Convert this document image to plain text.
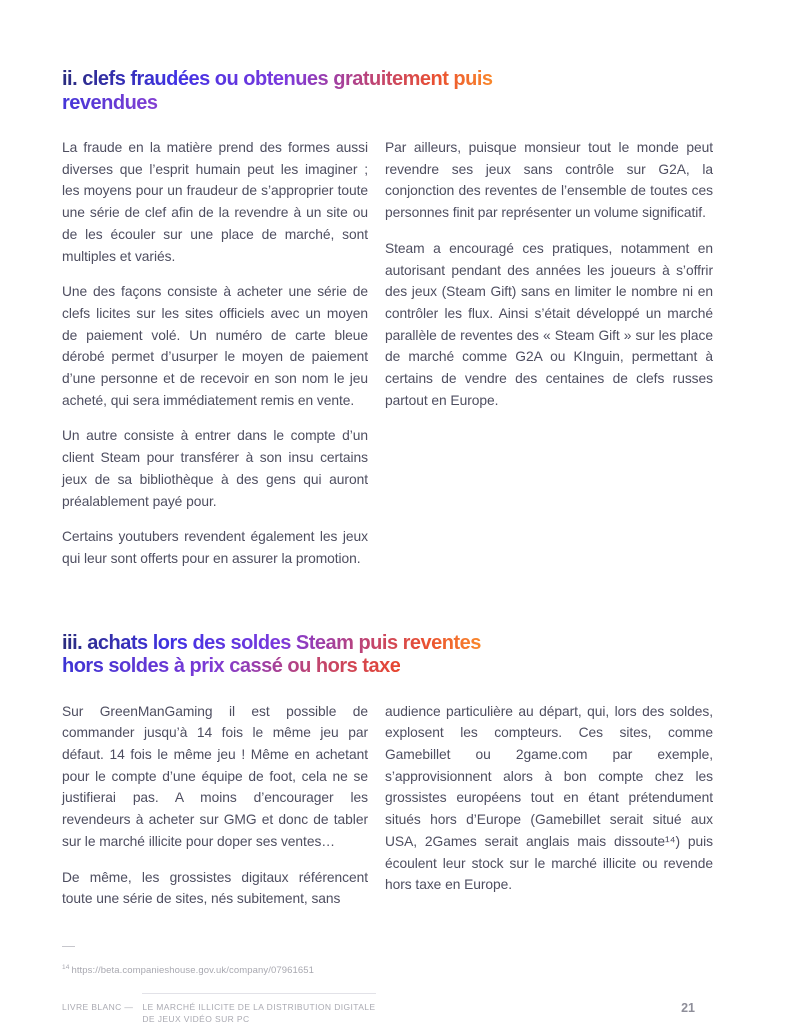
ii. clefs fraudées ou obtenues gratuitement puis
revendues

La fraude en la matière prend des formes aussi diverses que l’esprit humain peut les imaginer ; les moyens pour un fraudeur de s’approprier toute une série de clef afin de la revendre à un site ou de les écouler sur une place de marché, sont multiples et variés.

Une des façons consiste à acheter une série de clefs licites sur les sites officiels avec un moyen de paiement volé. Un numéro de carte bleue dérobé permet d’usurper le moyen de paiement d’une personne et de recevoir en son nom le jeu acheté, qui sera immédiatement remis en vente.

Un autre consiste à entrer dans le compte d’un client Steam pour transférer à son insu certains jeux de sa bibliothèque à des gens qui auront préalablement payé pour.

Certains youtubers revendent également les jeux qui leur sont offerts pour en assurer la promotion.

Par ailleurs, puisque monsieur tout le monde peut revendre ses jeux sans contrôle sur G2A, la conjonction des reventes de l’ensemble de toutes ces personnes finit par représenter un volume significatif.

Steam a encouragé ces pratiques, notamment en autorisant pendant des années les joueurs à s’offrir des jeux (Steam Gift) sans en limiter le nombre ni en contrôler les flux. Ainsi s’était développé un marché parallèle de reventes des « Steam Gift » sur les place de marché comme G2A ou KInguin, permettant à certains de vendre des centaines de clefs russes partout en Europe.

iii. achats lors des soldes Steam puis reventes
hors soldes à prix cassé ou hors taxe

Sur GreenManGaming il est possible de commander jusqu’à 14 fois le même jeu par défaut. 14 fois le même jeu ! Même en achetant pour le compte d’une équipe de foot, cela ne se justifierai pas. A moins d’encourager les revendeurs à acheter sur GMG et donc de tabler sur le marché illicite pour doper ses ventes…

De même, les grossistes digitaux référencent toute une série de sites, nés subitement, sans

audience particulière au départ, qui, lors des soldes, explosent les compteurs. Ces sites, comme Gamebillet ou 2game.com par exemple, s’approvisionnent alors à bon compte chez les grossistes européens tout en étant prétendument situés hors d’Europe (Gamebillet serait situé aux USA, 2Games serait anglais mais dissoute¹⁴) puis écoulent leur stock sur le marché illicite ou revende hors taxe en Europe.

$^{14}$ https://beta.companieshouse.gov.uk/company/07961651

LIVRE BLANC — LE MARCHÉ ILLICITE DE LA DISTRIBUTION DIGITALE
DE JEUX VIDÉO SUR PC
21
